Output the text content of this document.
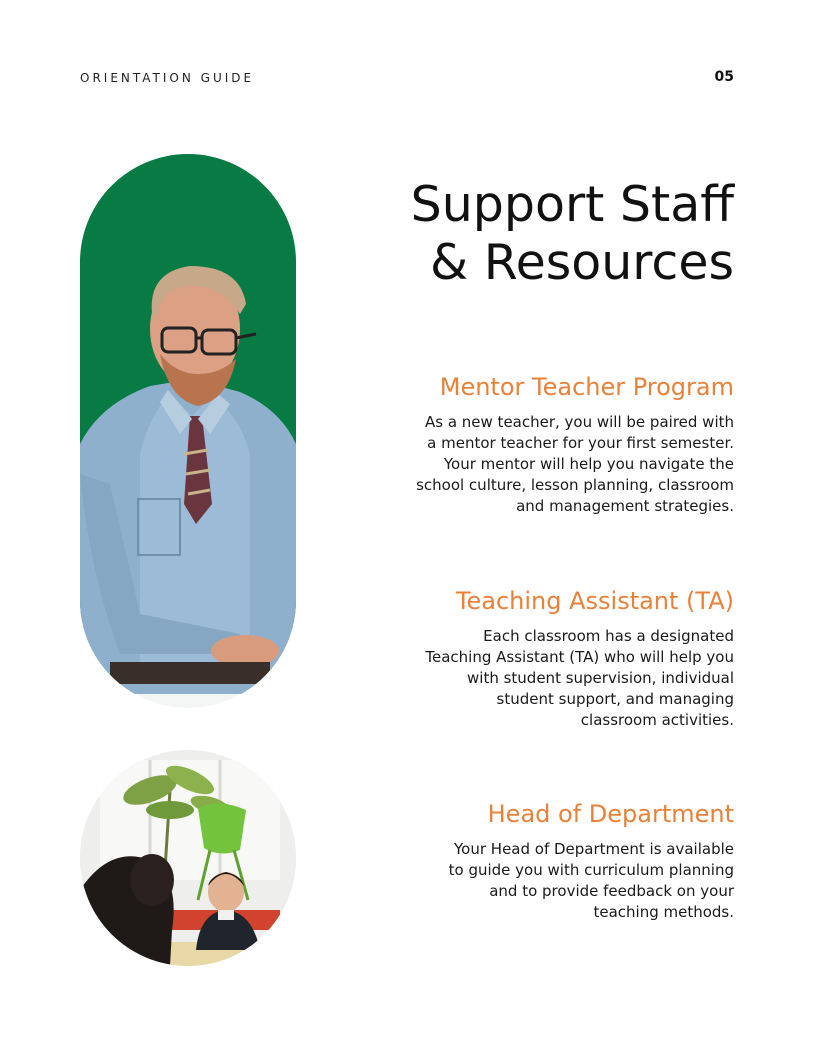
ORIENTATION GUIDE	05
Support Staff
& Resources
Mentor Teacher Program

As a new teacher, you will be paired with
a mentor teacher for your first semester.
Your mentor will help you navigate the
school culture, lesson planning, classroom
and management strategies.

Teaching Assistant (TA)

Each classroom has a designated
Teaching Assistant (TA) who will help you
with student supervision, individual
student support, and managing
classroom activities.

Head of Department

Your Head of Department is available
to guide you with curriculum planning
and to provide feedback on your
teaching methods.
